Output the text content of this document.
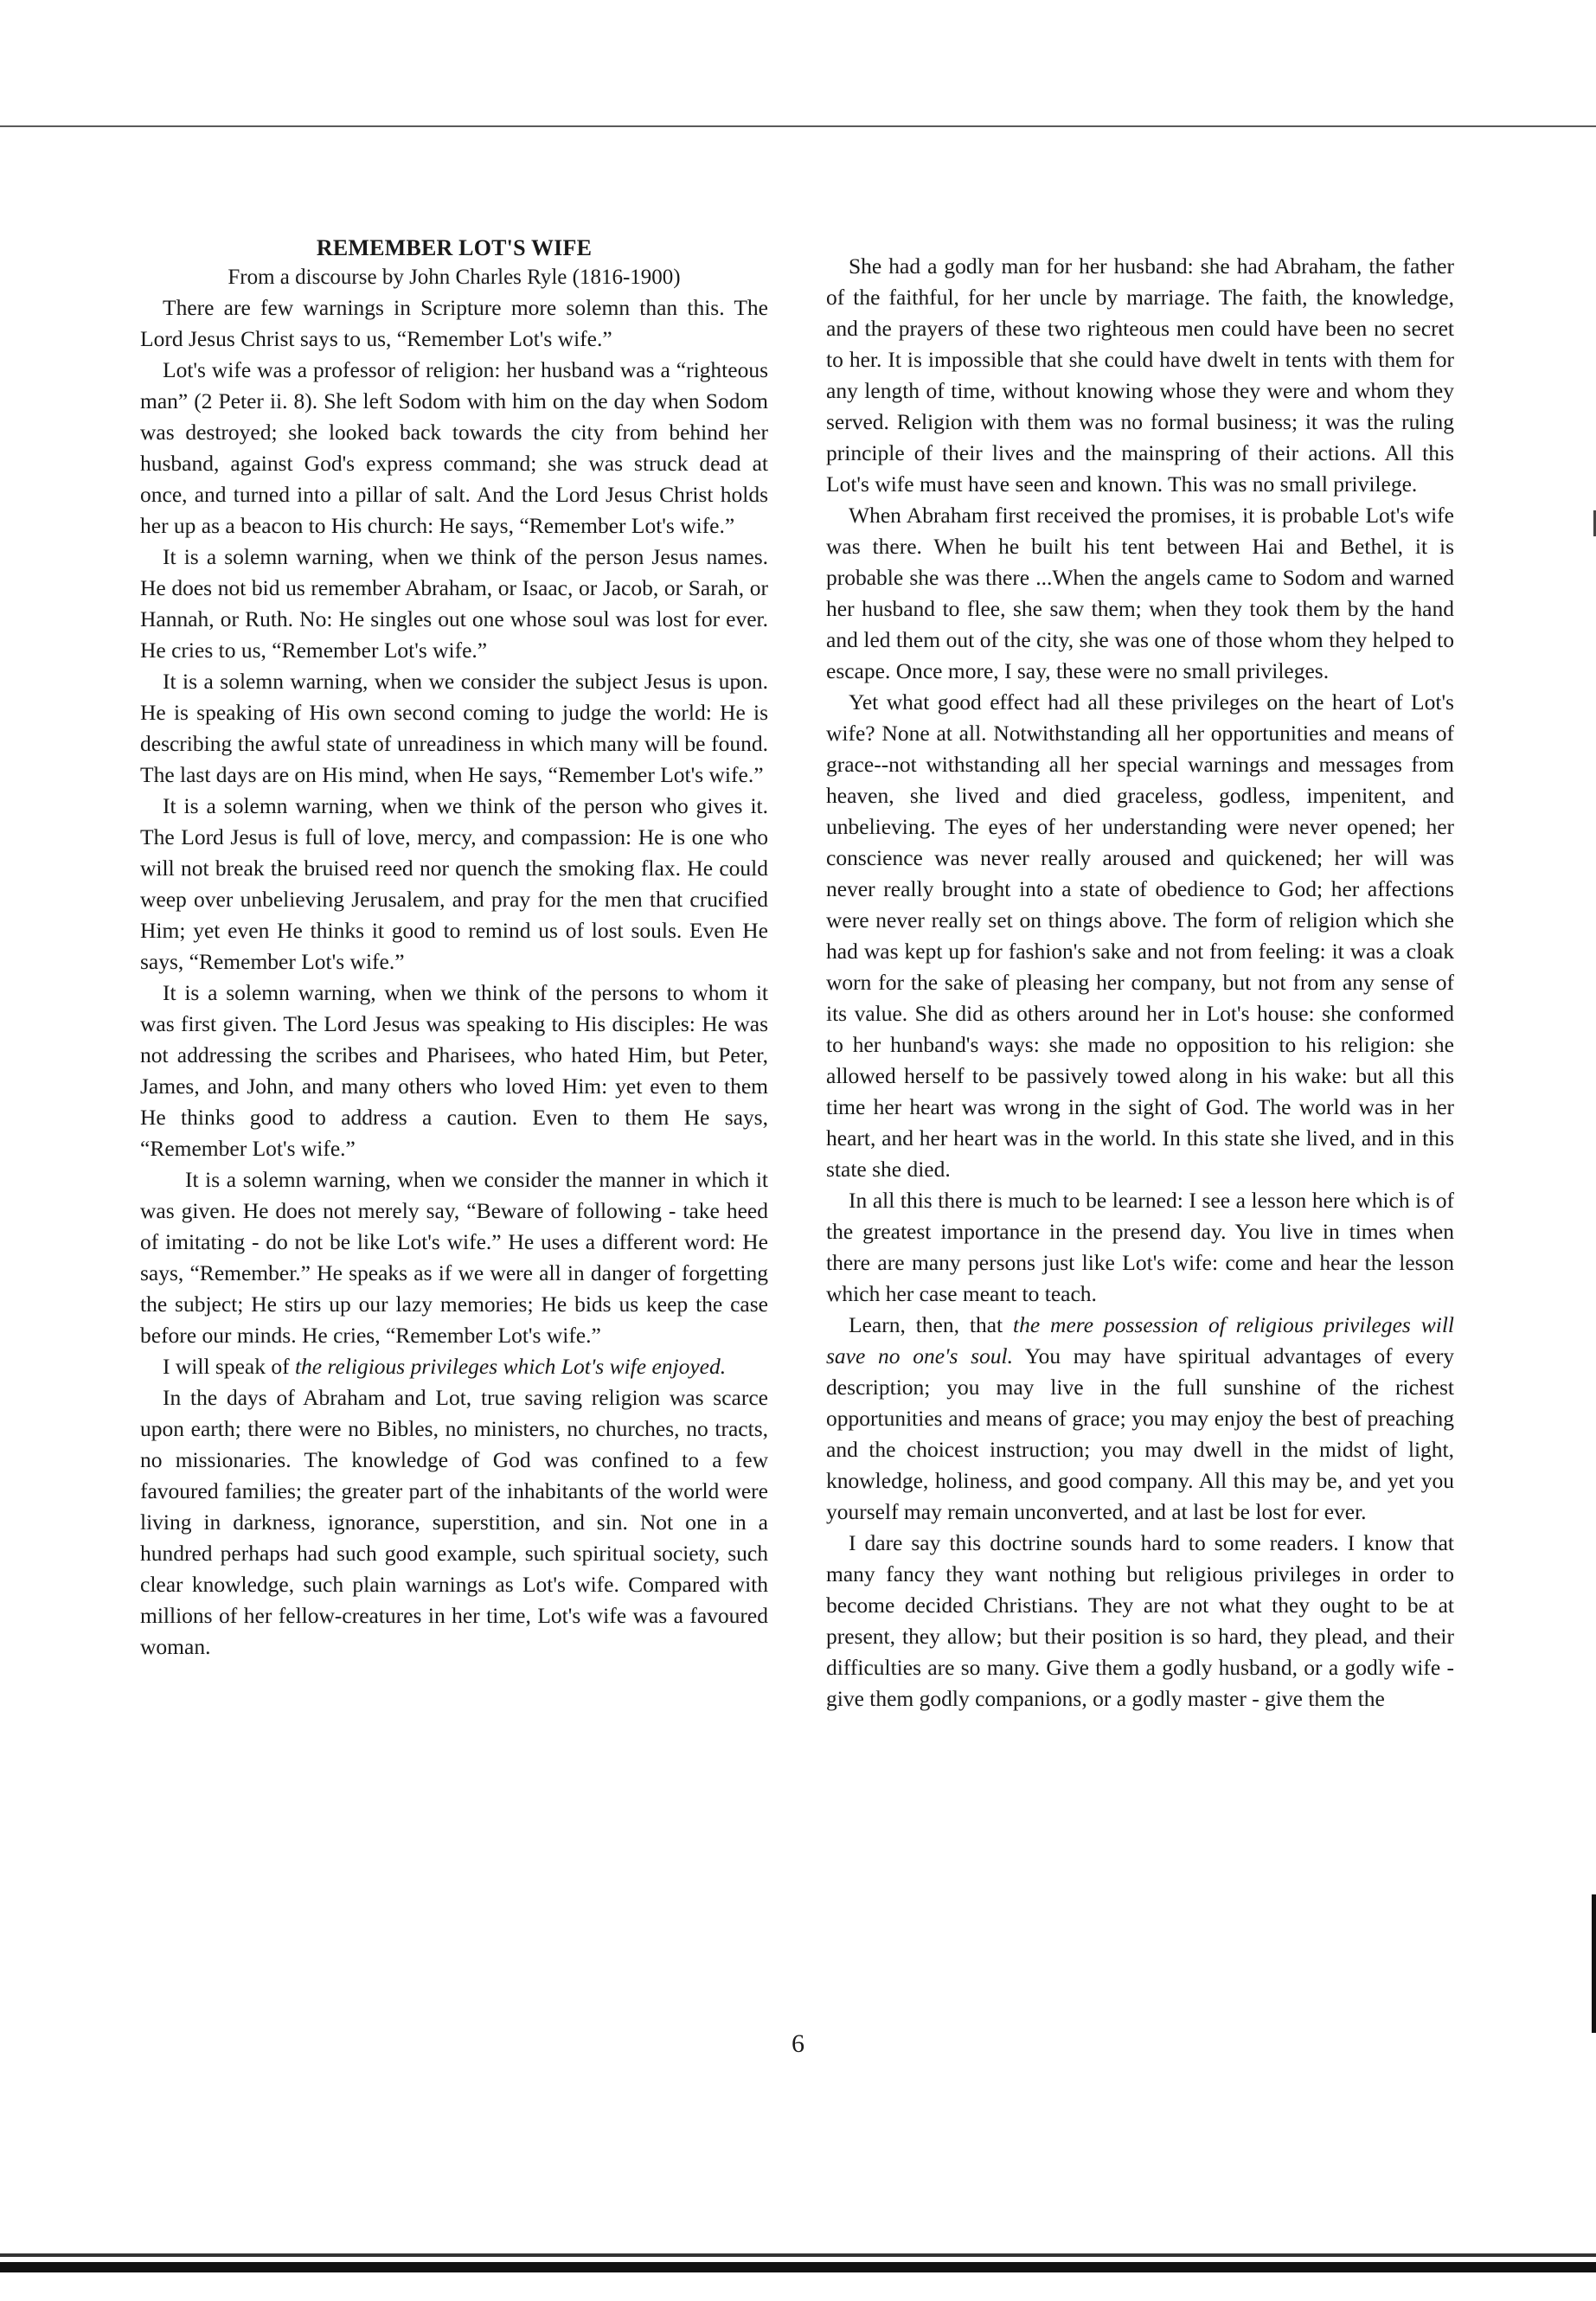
REMEMBER LOT'S WIFE

From a discourse by John Charles Ryle (1816-1900)

There are few warnings in Scripture more solemn than this. The Lord Jesus Christ says to us, “Remember Lot's wife.”

Lot's wife was a professor of religion: her husband was a “righteous man” (2 Peter ii. 8). She left Sodom with him on the day when Sodom was destroyed; she looked back towards the city from behind her husband, against God's express command; she was struck dead at once, and turned into a pillar of salt. And the Lord Jesus Christ holds her up as a beacon to His church: He says, “Remember Lot's wife.”

It is a solemn warning, when we think of the person Jesus names. He does not bid us remember Abraham, or Isaac, or Jacob, or Sarah, or Hannah, or Ruth. No: He singles out one whose soul was lost for ever. He cries to us, “Remember Lot's wife.”

It is a solemn warning, when we consider the subject Jesus is upon. He is speaking of His own second coming to judge the world: He is describing the awful state of unreadiness in which many will be found. The last days are on His mind, when He says, “Remember Lot's wife.”

It is a solemn warning, when we think of the person who gives it. The Lord Jesus is full of love, mercy, and compassion: He is one who will not break the bruised reed nor quench the smoking flax. He could weep over unbelieving Jerusalem, and pray for the men that crucified Him; yet even He thinks it good to remind us of lost souls. Even He says, “Remember Lot's wife.”

It is a solemn warning, when we think of the persons to whom it was first given. The Lord Jesus was speaking to His disciples: He was not addressing the scribes and Pharisees, who hated Him, but Peter, James, and John, and many others who loved Him: yet even to them He thinks good to address a caution. Even to them He says, “Remember Lot's wife.”

It is a solemn warning, when we consider the manner in which it was given. He does not merely say, “Beware of following - take heed of imitating - do not be like Lot's wife.” He uses a different word: He says, “Remember.” He speaks as if we were all in danger of forgetting the subject; He stirs up our lazy memories; He bids us keep the case before our minds. He cries, “Remember Lot's wife.”

I will speak of the religious privileges which Lot's wife enjoyed.

In the days of Abraham and Lot, true saving religion was scarce upon earth; there were no Bibles, no ministers, no churches, no tracts, no missionaries. The knowledge of God was confined to a few favoured families; the greater part of the inhabitants of the world were living in darkness, ignorance, superstition, and sin. Not one in a hundred perhaps had such good example, such spiritual society, such clear knowledge, such plain warnings as Lot's wife. Compared with millions of her fellow-creatures in her time, Lot's wife was a favoured woman.

She had a godly man for her husband: she had Abraham, the father of the faithful, for her uncle by marriage. The faith, the knowledge, and the prayers of these two righteous men could have been no secret to her. It is impossible that she could have dwelt in tents with them for any length of time, without knowing whose they were and whom they served. Religion with them was no formal business; it was the ruling principle of their lives and the mainspring of their actions. All this Lot's wife must have seen and known. This was no small privilege.

When Abraham first received the promises, it is probable Lot's wife was there. When he built his tent between Hai and Bethel, it is probable she was there ...When the angels came to Sodom and warned her husband to flee, she saw them; when they took them by the hand and led them out of the city, she was one of those whom they helped to escape. Once more, I say, these were no small privileges.

Yet what good effect had all these privileges on the heart of Lot's wife? None at all. Notwithstanding all her opportunities and means of grace--not withstanding all her special warnings and messages from heaven, she lived and died graceless, godless, impenitent, and unbelieving. The eyes of her understanding were never opened; her conscience was never really aroused and quickened; her will was never really brought into a state of obedience to God; her affections were never really set on things above. The form of religion which she had was kept up for fashion's sake and not from feeling: it was a cloak worn for the sake of pleasing her company, but not from any sense of its value. She did as others around her in Lot's house: she conformed to her hunband's ways: she made no opposition to his religion: she allowed herself to be passively towed along in his wake: but all this time her heart was wrong in the sight of God. The world was in her heart, and her heart was in the world. In this state she lived, and in this state she died.

In all this there is much to be learned: I see a lesson here which is of the greatest importance in the presend day. You live in times when there are many persons just like Lot's wife: come and hear the lesson which her case meant to teach.

Learn, then, that the mere possession of religious privileges will save no one's soul. You may have spiritual advantages of every description; you may live in the full sunshine of the richest opportunities and means of grace; you may enjoy the best of preaching and the choicest instruction; you may dwell in the midst of light, knowledge, holiness, and good company. All this may be, and yet you yourself may remain unconverted, and at last be lost for ever.

I dare say this doctrine sounds hard to some readers. I know that many fancy they want nothing but religious privileges in order to become decided Christians. They are not what they ought to be at present, they allow; but their position is so hard, they plead, and their difficulties are so many. Give them a godly husband, or a godly wife - give them godly companions, or a godly master - give them the

6
